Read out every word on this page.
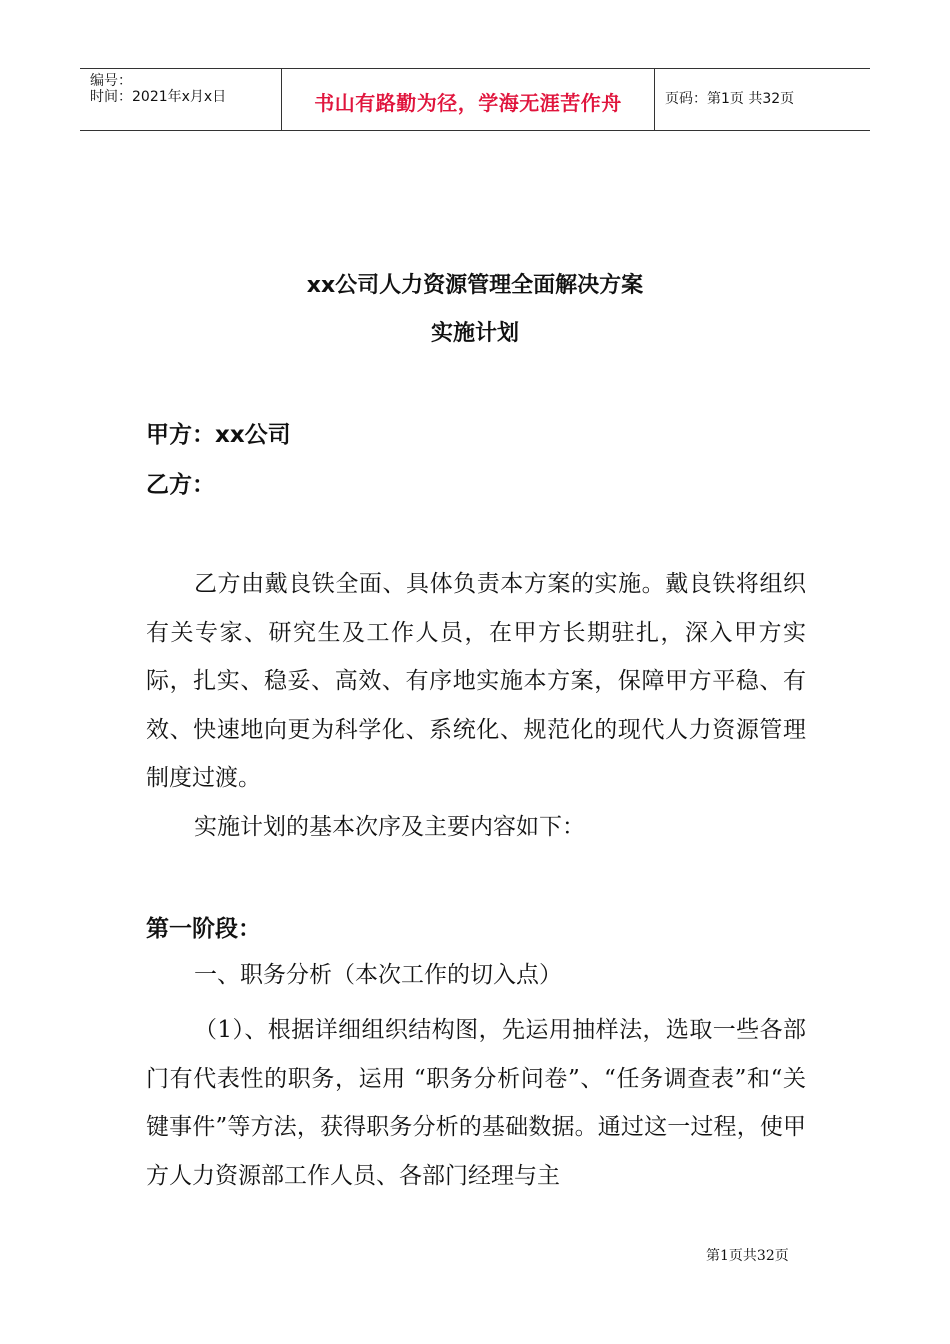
编号：
时间：2021年x月x日	书山有路勤为径，学海无涯苦作舟	页码：第1页 共32页
xx公司人力资源管理全面解决方案
实施计划
甲方：xx公司
乙方：
乙方由戴良铁全面、具体负责本方案的实施。戴良铁将组织有关专家、研究生及工作人员，在甲方长期驻扎，深入甲方实际，扎实、稳妥、高效、有序地实施本方案，保障甲方平稳、有效、快速地向更为科学化、系统化、规范化的现代人力资源管理制度过渡。
实施计划的基本次序及主要内容如下：
第一阶段：
一、职务分析（本次工作的切入点）
（1）、根据详细组织结构图，先运用抽样法，选取一些各部门有代表性的职务，运用 “职务分析问卷”、“任务调查表”和“关键事件”等方法，获得职务分析的基础数据。通过这一过程，使甲方人力资源部工作人员、各部门经理与主
第1页共32页
